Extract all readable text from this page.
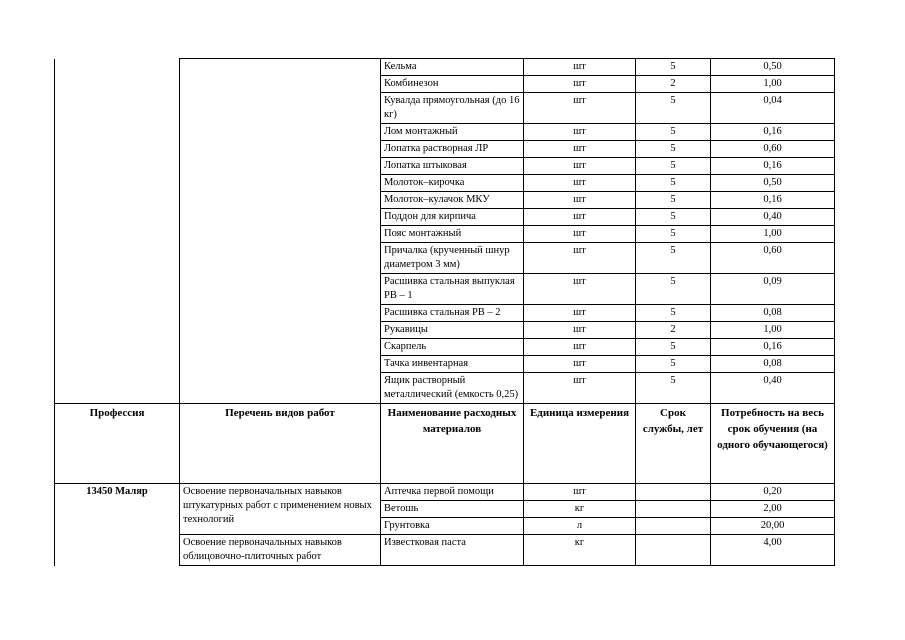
		Кельма	шт	5	0,50
		Комбинезон	шт	2	1,00
		Кувалда прямоугольная (до 16 кг)	шт	5	0,04
		Лом монтажный	шт	5	0,16
		Лопатка растворная ЛР	шт	5	0,60
		Лопатка штыковая	шт	5	0,16
		Молоток–кирочка	шт	5	0,50
		Молоток–кулачок МКУ	шт	5	0,16
		Поддон для кирпича	шт	5	0,40
		Пояс монтажный	шт	5	1,00
		Причалка (крученный шнур диаметром 3 мм)	шт	5	0,60
		Расшивка стальная выпуклая РВ – 1	шт	5	0,09
		Расшивка стальная РВ – 2	шт	5	0,08
		Рукавицы	шт	2	1,00
		Скарпель	шт	5	0,16
		Тачка инвентарная	шт	5	0,08
		Ящик растворный металлический (емкость 0,25)	шт	5	0,40
Профессия	Перечень видов работ	Наименование расходных материалов	Единица измерения	Срок службы, лет	Потребность на весь срок обучения (на одного обучающегося)
13450 Маляр	Освоение первоначальных навыков штукатурных работ с применением новых технологий	Аптечка первой помощи	шт		0,20
		Ветошь	кг		2,00
		Грунтовка	л		20,00
	Освоение первоначальных навыков облицовочно-плиточных работ	Известковая паста	кг		4,00
